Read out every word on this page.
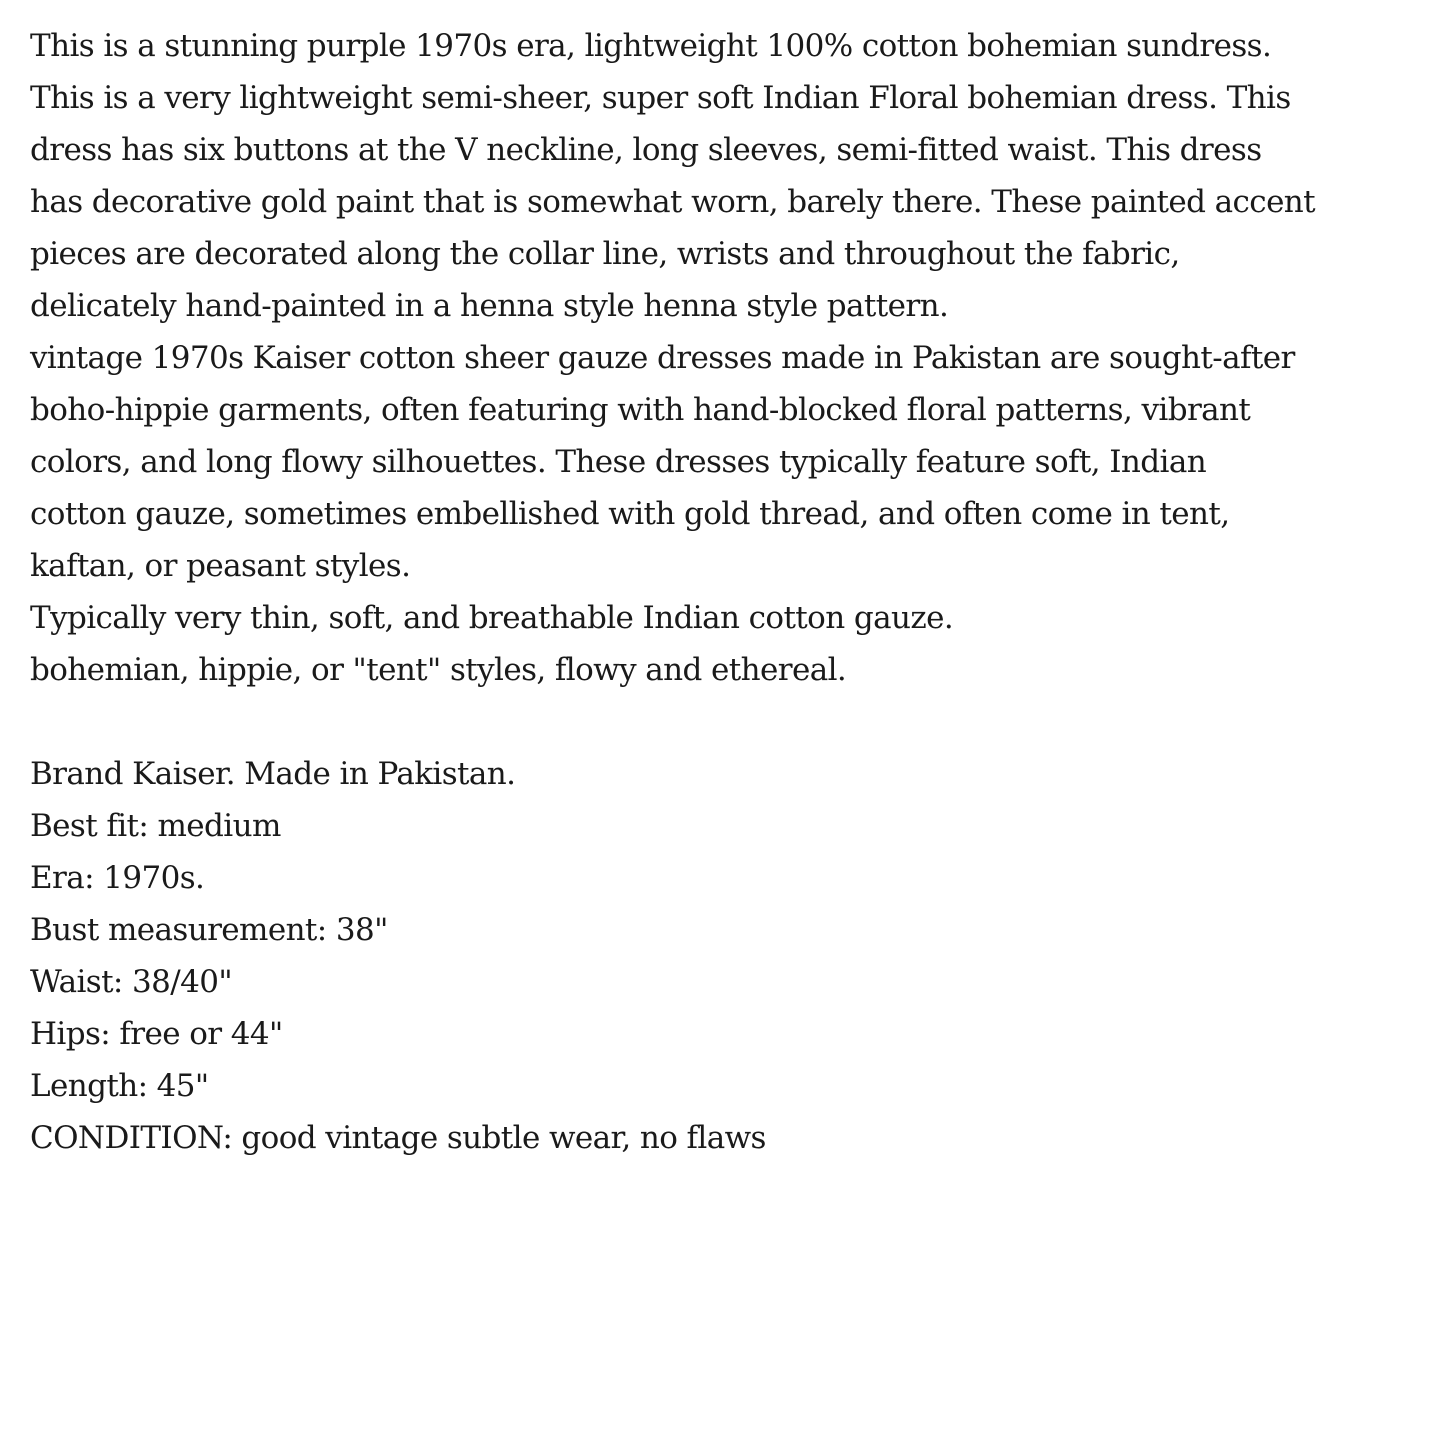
This is a stunning purple 1970s era, lightweight 100% cotton bohemian sundress.
This is a very lightweight semi-sheer, super soft Indian Floral bohemian dress. This
dress has six buttons at the V neckline, long sleeves, semi-fitted waist. This dress
has decorative gold paint that is somewhat worn, barely there. These painted accent
pieces are decorated along the collar line, wrists and throughout the fabric,
delicately hand-painted in a henna style henna style pattern.
vintage 1970s Kaiser cotton sheer gauze dresses made in Pakistan are sought-after
boho-hippie garments, often featuring with hand-blocked floral patterns, vibrant
colors, and long flowy silhouettes. These dresses typically feature soft, Indian
cotton gauze, sometimes embellished with gold thread, and often come in tent,
kaftan, or peasant styles.
Typically very thin, soft, and breathable Indian cotton gauze.
bohemian, hippie, or "tent" styles, flowy and ethereal.
Brand Kaiser. Made in Pakistan.
Best fit: medium
Era: 1970s.
Bust measurement: 38"
Waist: 38/40"
Hips: free or 44"
Length: 45"
CONDITION: good vintage subtle wear, no flaws
